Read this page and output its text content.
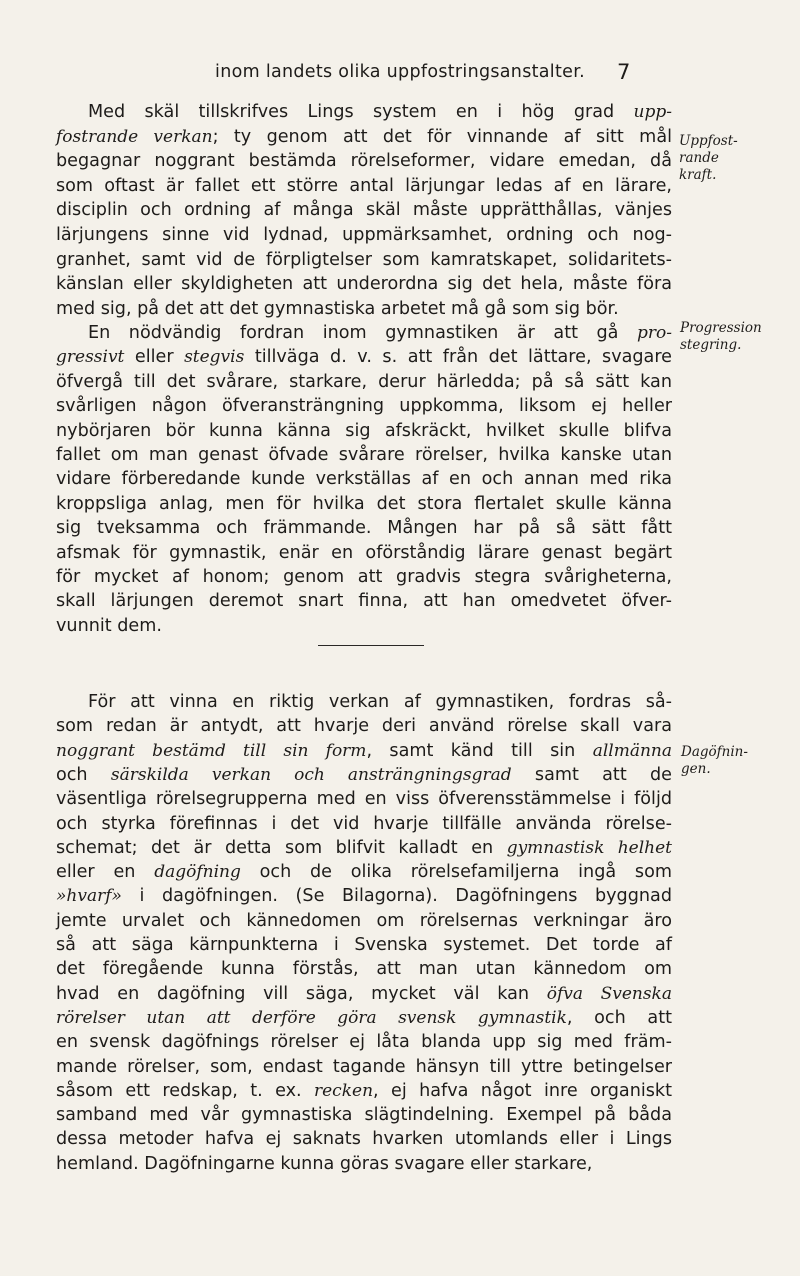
inom landets olika uppfostringsanstalter.	7
Med skäl tillskrifves Lings system en i hög grad upp-
fostrande verkan; ty genom att det för vinnande af sitt mål
begagnar noggrant bestämda rörelseformer, vidare emedan, då
som oftast är fallet ett större antal lärjungar ledas af en lärare,
disciplin och ordning af många skäl måste upprätthållas, vänjes
lärjungens sinne vid lydnad, uppmärksamhet, ordning och nog-
granhet, samt vid de förpligtelser som kamratskapet, solidaritets-
känslan eller skyldigheten att underordna sig det hela, måste föra
med sig, på det att det gymnastiska arbetet må gå som sig bör.
En nödvändig fordran inom gymnastiken är att gå pro-
gressivt eller stegvis tillväga d. v. s. att från det lättare, svagare
öfvergå till det svårare, starkare, derur härledda; på så sätt kan
svårligen någon öfveransträngning uppkomma, liksom ej heller
nybörjaren bör kunna känna sig afskräckt, hvilket skulle blifva
fallet om man genast öfvade svårare rörelser, hvilka kanske utan
vidare förberedande kunde verkställas af en och annan med rika
kroppsliga anlag, men för hvilka det stora flertalet skulle känna
sig tveksamma och främmande. Mången har på så sätt fått
afsmak för gymnastik, enär en oförståndig lärare genast begärt
för mycket af honom; genom att gradvis stegra svårigheterna,
skall lärjungen deremot snart finna, att han omedvetet öfver-
vunnit dem.
För att vinna en riktig verkan af gymnastiken, fordras så-
som redan är antydt, att hvarje deri använd rörelse skall vara
noggrant bestämd till sin form, samt känd till sin allmänna
och särskilda verkan och ansträngningsgrad samt att de
väsentliga rörelsegrupperna med en viss öfverensstämmelse i följd
och styrka förefinnas i det vid hvarje tillfälle använda rörelse-
schemat; det är detta som blifvit kalladt en gymnastisk helhet
eller en dagöfning och de olika rörelsefamiljerna ingå som
»hvarf» i dagöfningen. (Se Bilagorna). Dagöfningens byggnad
jemte urvalet och kännedomen om rörelsernas verkningar äro
så att säga kärnpunkterna i Svenska systemet. Det torde af
det föregående kunna förstås, att man utan kännedom om
hvad en dagöfning vill säga, mycket väl kan öfva Svenska
rörelser utan att derföre göra svensk gymnastik, och att
en svensk dagöfnings rörelser ej låta blanda upp sig med främ-
mande rörelser, som, endast tagande hänsyn till yttre betingelser
såsom ett redskap, t. ex. recken, ej hafva något inre organiskt
samband med vår gymnastiska slägtindelning. Exempel på båda
dessa metoder hafva ej saknats hvarken utomlands eller i Lings
hemland. Dagöfningarne kunna göras svagare eller starkare,
Uppfost-
rande
kraft.
Progression
stegring.
Dagöfnin-
gen.
